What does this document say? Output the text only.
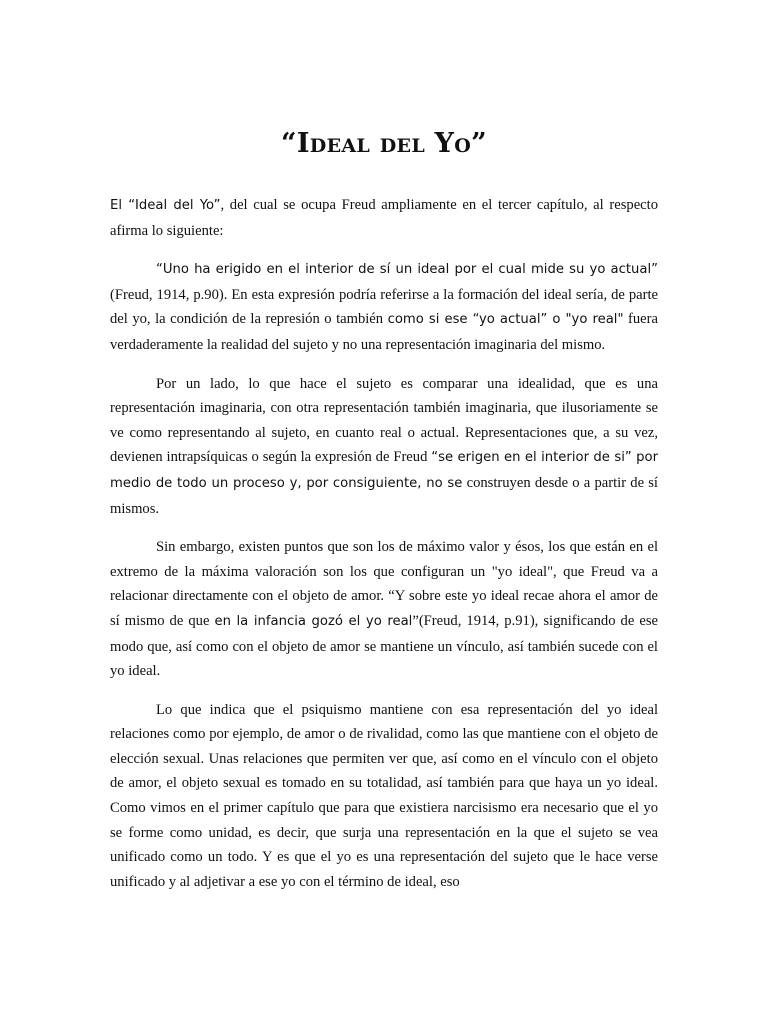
“Ideal del Yo”

El “Ideal del Yo”, del cual se ocupa Freud ampliamente en el tercer capítulo, al respecto afirma lo siguiente:

“Uno ha erigido en el interior de sí un ideal por el cual mide su yo actual” (Freud, 1914, p.90). En esta expresión podría referirse a la formación del ideal sería, de parte del yo, la condición de la represión o también como si ese “yo actual” o "yo real" fuera verdaderamente la realidad del sujeto y no una representación imaginaria del mismo.

Por un lado, lo que hace el sujeto es comparar una idealidad, que es una representación imaginaria, con otra representación también imaginaria, que ilusoriamente se ve como representando al sujeto, en cuanto real o actual. Representaciones que, a su vez, devienen intrapsíquicas o según la expresión de Freud “se erigen en el interior de si” por medio de todo un proceso y, por consiguiente, no se construyen desde o a partir de sí mismos.

Sin embargo, existen puntos que son los de máximo valor y ésos, los que están en el extremo de la máxima valoración son los que configuran un "yo ideal", que Freud va a relacionar directamente con el objeto de amor. “Y sobre este yo ideal recae ahora el amor de sí mismo de que en la infancia gozó el yo real”(Freud, 1914, p.91), significando de ese modo que, así como con el objeto de amor se mantiene un vínculo, así también sucede con el yo ideal.

Lo que indica que el psiquismo mantiene con esa representación del yo ideal relaciones como por ejemplo, de amor o de rivalidad, como las que mantiene con el objeto de elección sexual. Unas relaciones que permiten ver que, así como en el vínculo con el objeto de amor, el objeto sexual es tomado en su totalidad, así también para que haya un yo ideal. Como vimos en el primer capítulo que para que existiera narcisismo era necesario que el yo se forme como unidad, es decir, que surja una representación en la que el sujeto se vea unificado como un todo. Y es que el yo es una representación del sujeto que le hace verse unificado y al adjetivar a ese yo con el término de ideal, eso
